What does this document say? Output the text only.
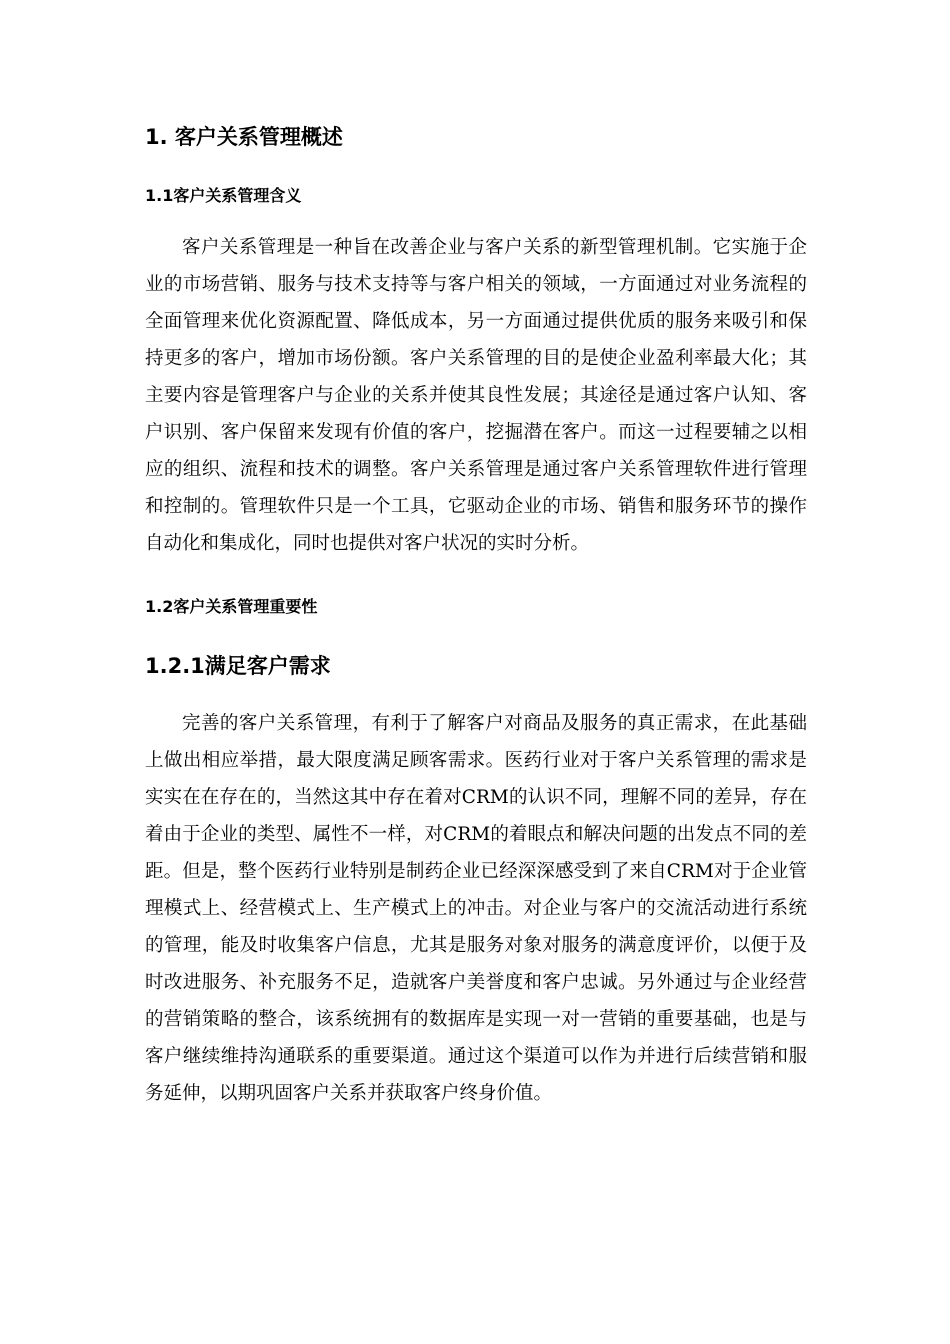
1. 客户关系管理概述
1.1客户关系管理含义

客户关系管理是一种旨在改善企业与客户关系的新型管理机制。它实施于企业的市场营销、服务与技术支持等与客户相关的领域，一方面通过对业务流程的全面管理来优化资源配置、降低成本，另一方面通过提供优质的服务来吸引和保持更多的客户，增加市场份额。客户关系管理的目的是使企业盈利率最大化；其主要内容是管理客户与企业的关系并使其良性发展；其途径是通过客户认知、客户识别、客户保留来发现有价值的客户，挖掘潜在客户。而这一过程要辅之以相应的组织、流程和技术的调整。客户关系管理是通过客户关系管理软件进行管理和控制的。管理软件只是一个工具，它驱动企业的市场、销售和服务环节的操作自动化和集成化，同时也提供对客户状况的实时分析。

1.2客户关系管理重要性
1.2.1满足客户需求

完善的客户关系管理，有利于了解客户对商品及服务的真正需求，在此基础上做出相应举措，最大限度满足顾客需求。医药行业对于客户关系管理的需求是实实在在存在的，当然这其中存在着对CRM的认识不同，理解不同的差异，存在着由于企业的类型、属性不一样，对CRM的着眼点和解决问题的出发点不同的差距。但是，整个医药行业特别是制药企业已经深深感受到了来自CRM对于企业管理模式上、经营模式上、生产模式上的冲击。对企业与客户的交流活动进行系统的管理，能及时收集客户信息，尤其是服务对象对服务的满意度评价，以便于及时改进服务、补充服务不足，造就客户美誉度和客户忠诚。另外通过与企业经营的营销策略的整合，该系统拥有的数据库是实现一对一营销的重要基础，也是与客户继续维持沟通联系的重要渠道。通过这个渠道可以作为并进行后续营销和服务延伸，以期巩固客户关系并获取客户终身价值。
